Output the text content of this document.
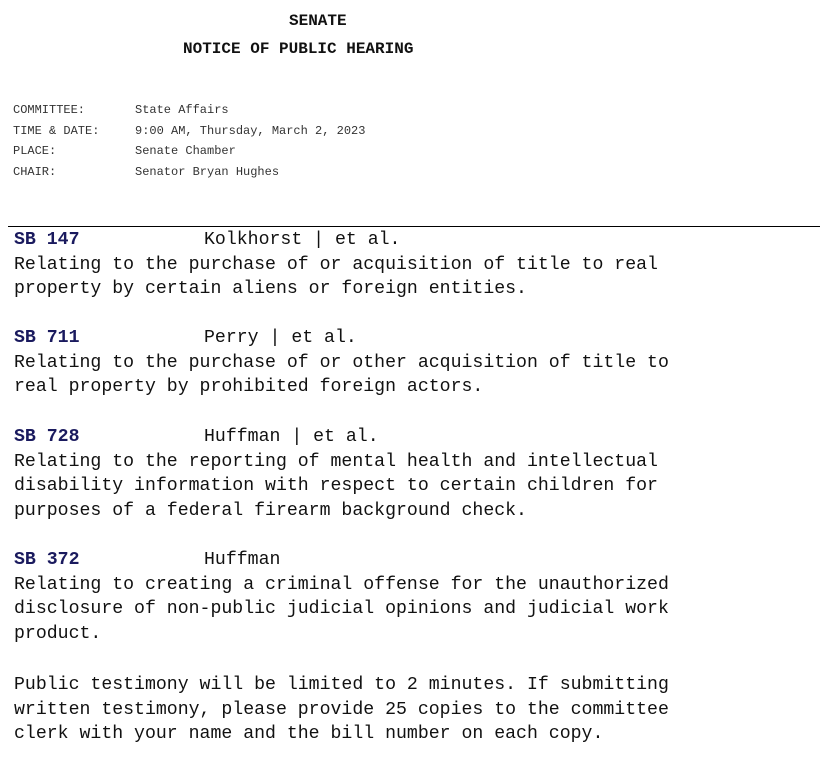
SENATE
NOTICE OF PUBLIC HEARING
COMMITTEE:	State Affairs
TIME & DATE:	9:00 AM, Thursday, March 2, 2023
PLACE:	Senate Chamber
CHAIR:	Senator Bryan Hughes
SB 147	Kolkhorst | et al.
Relating to the purchase of or acquisition of title to real
property by certain aliens or foreign entities.
SB 711	Perry | et al.
Relating to the purchase of or other acquisition of title to
real property by prohibited foreign actors.
SB 728	Huffman | et al.
Relating to the reporting of mental health and intellectual
disability information with respect to certain children for
purposes of a federal firearm background check.
SB 372	Huffman
Relating to creating a criminal offense for the unauthorized
disclosure of non-public judicial opinions and judicial work
product.
Public testimony will be limited to 2 minutes. If submitting
written testimony, please provide 25 copies to the committee
clerk with your name and the bill number on each copy.
